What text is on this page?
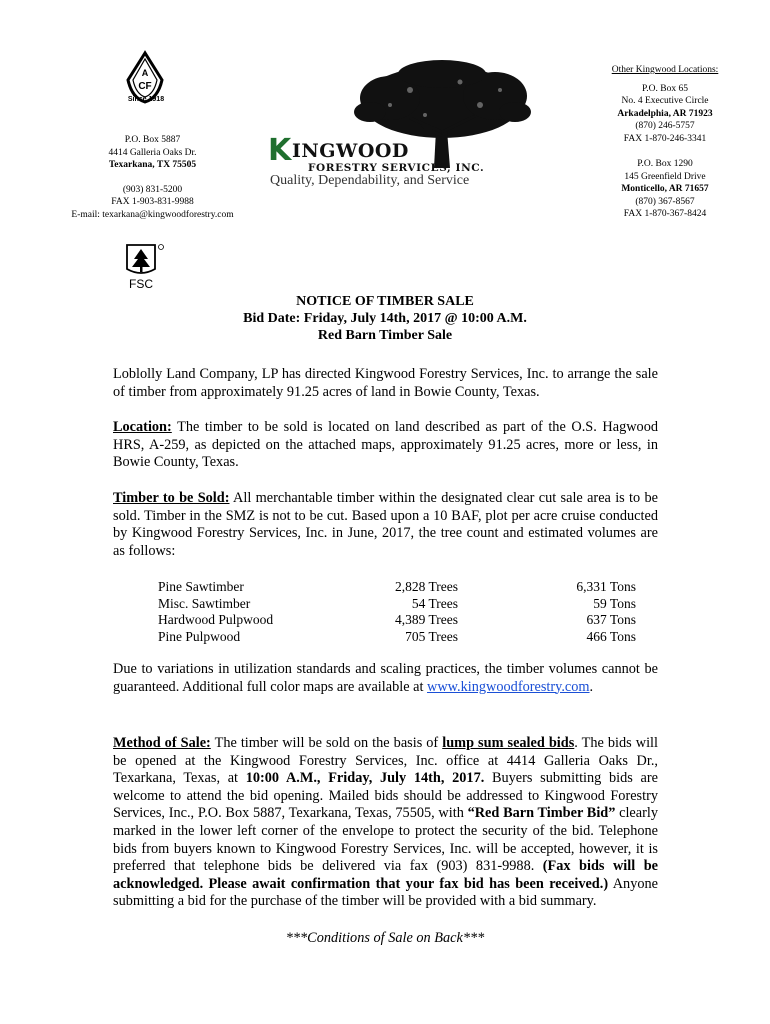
A
CF
Since 1918
P.O. Box 5887
4414 Galleria Oaks Dr.
Texarkana, TX 75505
(903) 831-5200
FAX 1-903-831-9988
E-mail: texarkana@kingwoodforestry.com
K INGWOOD
FORESTRY SERVICES, INC.
Quality, Dependability, and Service
Other Kingwood Locations:
P.O. Box 65
No. 4 Executive Circle
Arkadelphia, AR 71923
(870) 246-5757
FAX 1-870-246-3341
P.O. Box 1290
145 Greenfield Drive
Monticello, AR 71657
(870) 367-8567
FAX 1-870-367-8424
FSC
NOTICE OF TIMBER SALE
Bid Date: Friday, July 14th, 2017 @ 10:00 A.M.
Red Barn Timber Sale
Loblolly Land Company, LP has directed Kingwood Forestry Services, Inc. to arrange the sale of timber from approximately 91.25 acres of land in Bowie County, Texas.
Location: The timber to be sold is located on land described as part of the O.S. Hagwood HRS, A-259, as depicted on the attached maps, approximately 91.25 acres, more or less, in Bowie County, Texas.
Timber to be Sold: All merchantable timber within the designated clear cut sale area is to be sold. Timber in the SMZ is not to be cut. Based upon a 10 BAF, plot per acre cruise conducted by Kingwood Forestry Services, Inc. in June, 2017, the tree count and estimated volumes are as follows:
Pine Sawtimber	2,828 Trees	6,331 Tons
Misc. Sawtimber	54 Trees	59 Tons
Hardwood Pulpwood	4,389 Trees	637 Tons
Pine Pulpwood	705 Trees	466 Tons
Due to variations in utilization standards and scaling practices, the timber volumes cannot be guaranteed. Additional full color maps are available at www.kingwoodforestry.com.
Method of Sale: The timber will be sold on the basis of lump sum sealed bids. The bids will be opened at the Kingwood Forestry Services, Inc. office at 4414 Galleria Oaks Dr., Texarkana, Texas, at 10:00 A.M., Friday, July 14th, 2017. Buyers submitting bids are welcome to attend the bid opening. Mailed bids should be addressed to Kingwood Forestry Services, Inc., P.O. Box 5887, Texarkana, Texas, 75505, with “Red Barn Timber Bid” clearly marked in the lower left corner of the envelope to protect the security of the bid. Telephone bids from buyers known to Kingwood Forestry Services, Inc. will be accepted, however, it is preferred that telephone bids be delivered via fax (903) 831-9988. (Fax bids will be acknowledged. Please await confirmation that your fax bid has been received.) Anyone submitting a bid for the purchase of the timber will be provided with a bid summary.
***Conditions of Sale on Back***
